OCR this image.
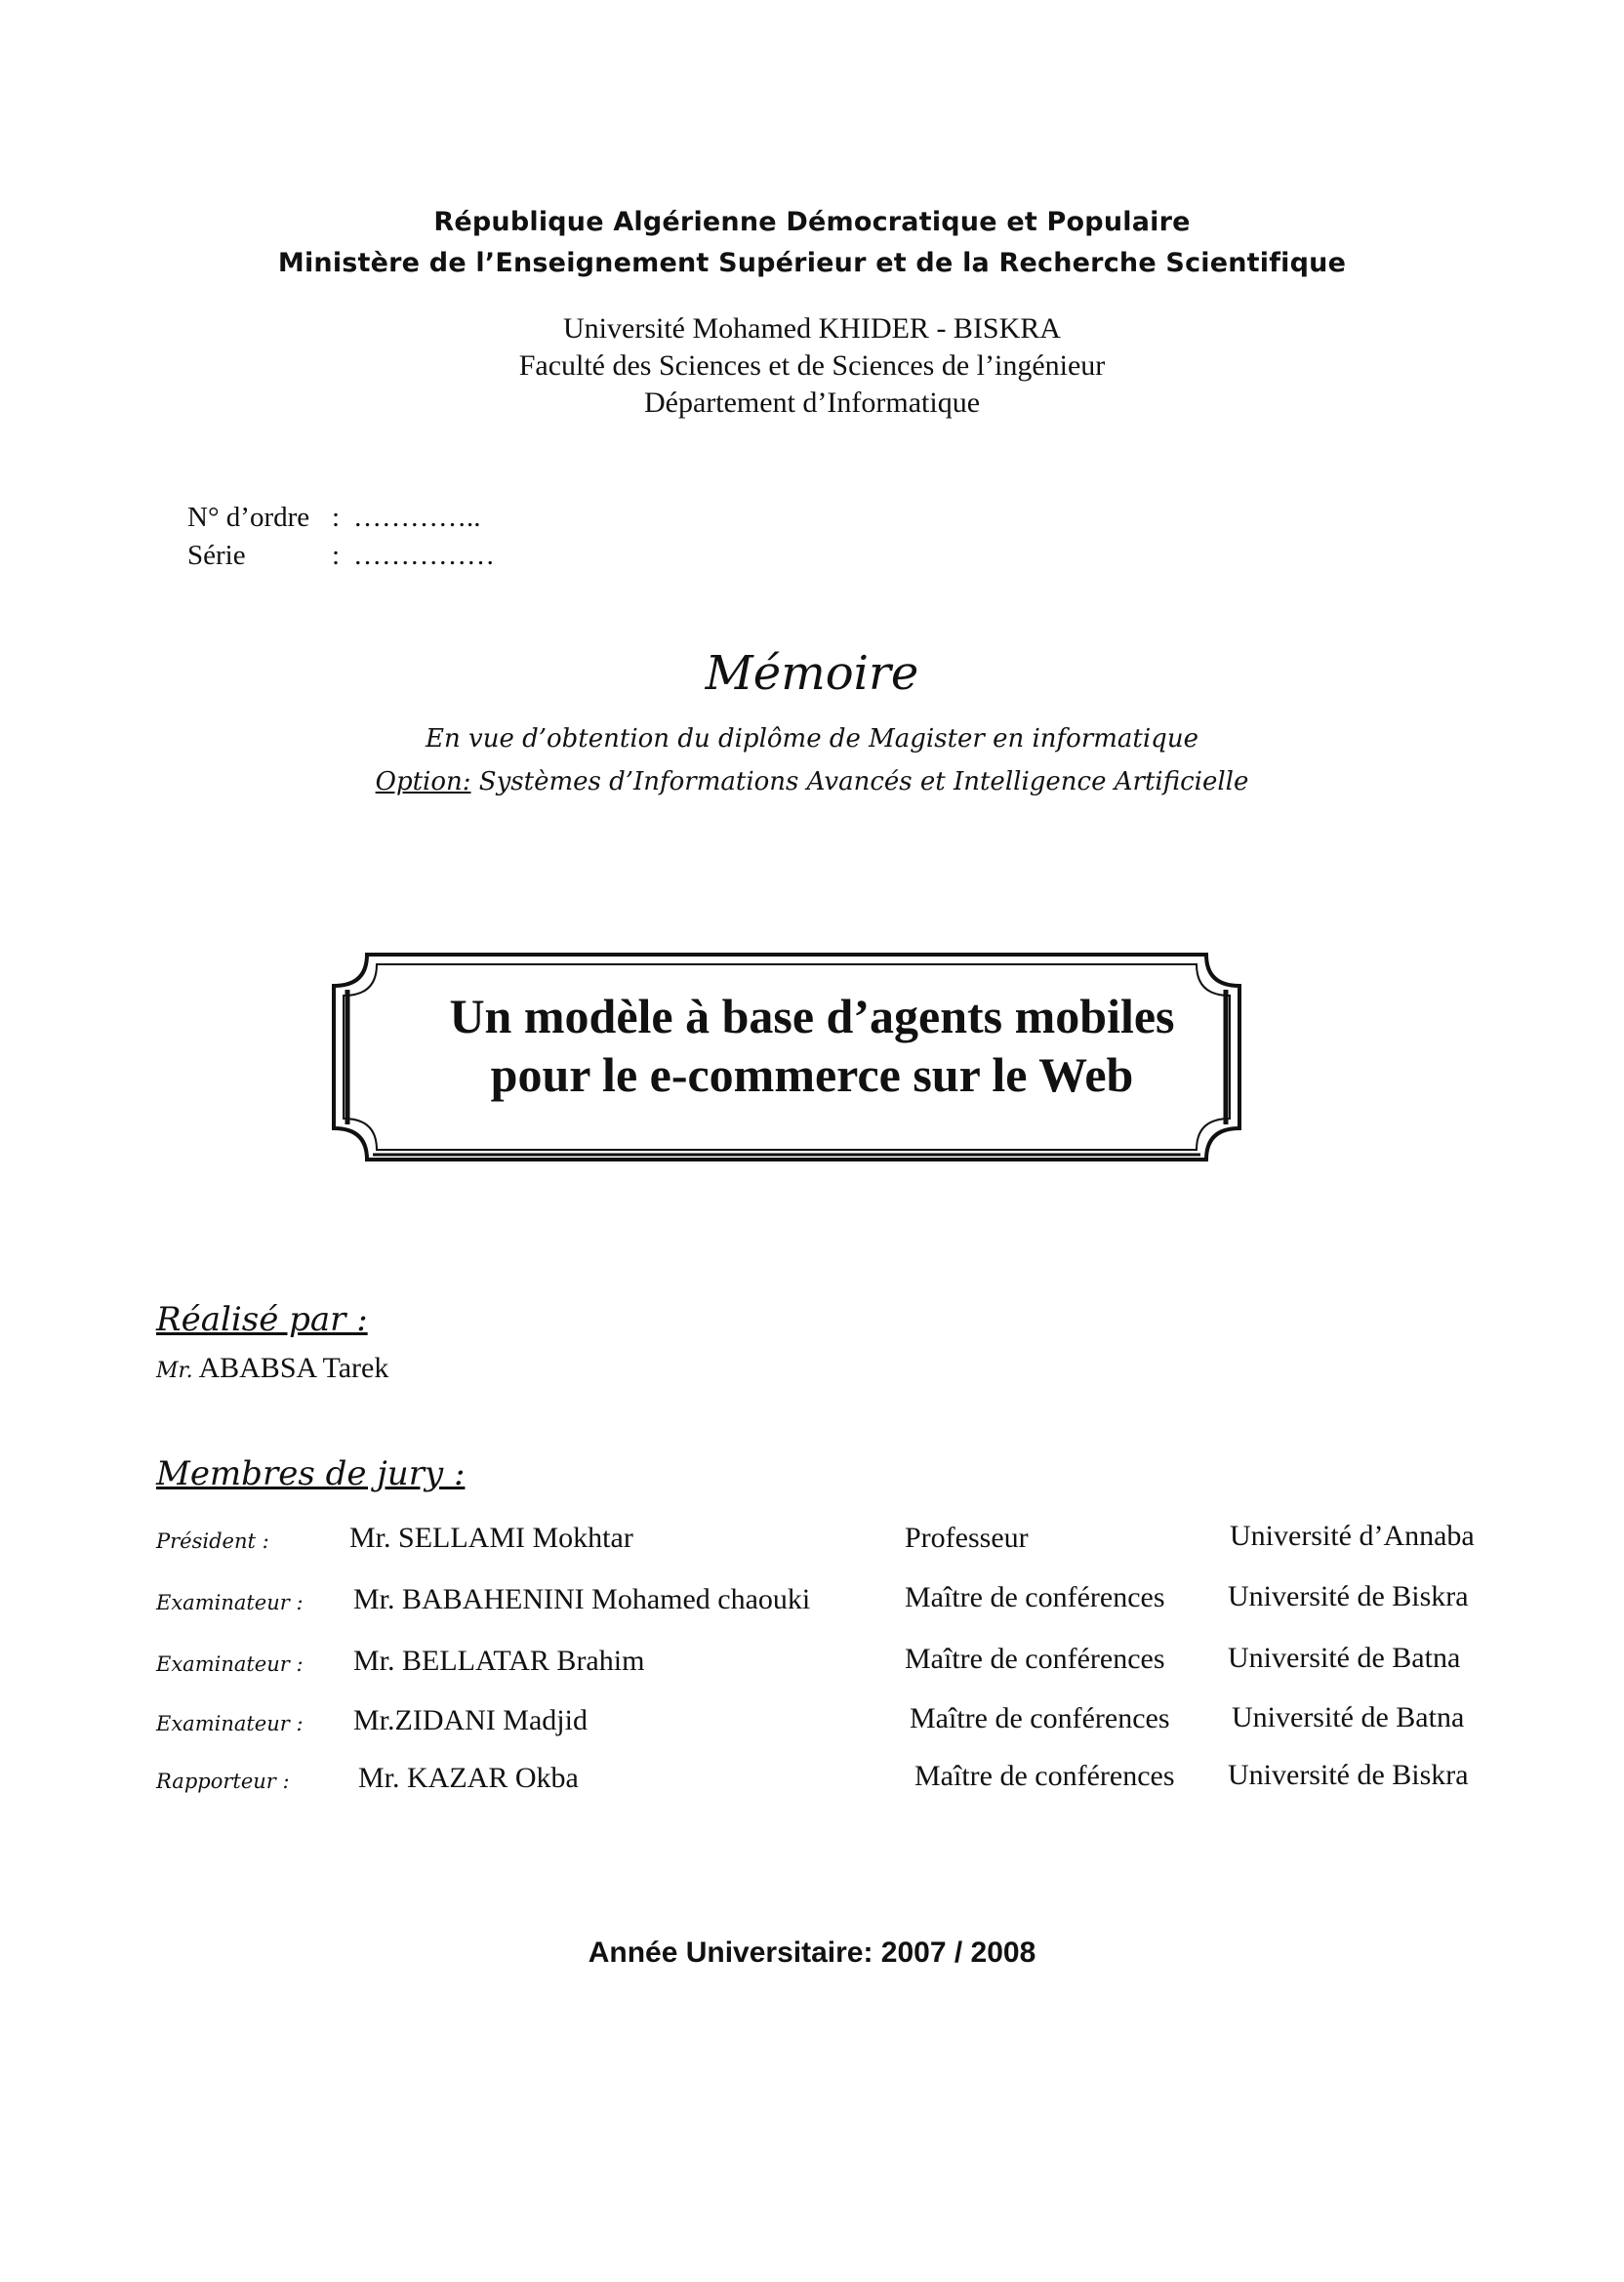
République Algérienne Démocratique et Populaire
Ministère de l’Enseignement Supérieur et de la Recherche Scientifique
Université Mohamed KHIDER - BISKRA
Faculté des Sciences et de Sciences de l’ingénieur
Département d’Informatique
N° d’ordre : …………..
Série	: ……………
Mémoire
En vue d’obtention du diplôme de Magister en informatique
Option: Systèmes d’Informations Avancés et Intelligence Artificielle
Un modèle à base d’agents mobiles
pour le e-commerce sur le Web
Réalisé par :
Mr. ABABSA Tarek
Membres de jury :
Président :	Mr. SELLAMI Mokhtar	Professeur	Université d’Annaba
Examinateur : Mr. BABAHENINI Mohamed chaouki	Maître de conférences Université de Biskra
Examinateur : Mr. BELLATAR Brahim	Maître de conférences Université de Batna
Examinateur : Mr.ZIDANI Madjid	Maître de conférences Université de Batna
Rapporteur : Mr. KAZAR Okba	Maître de conférences Université de Biskra
Année Universitaire: 2007 / 2008
